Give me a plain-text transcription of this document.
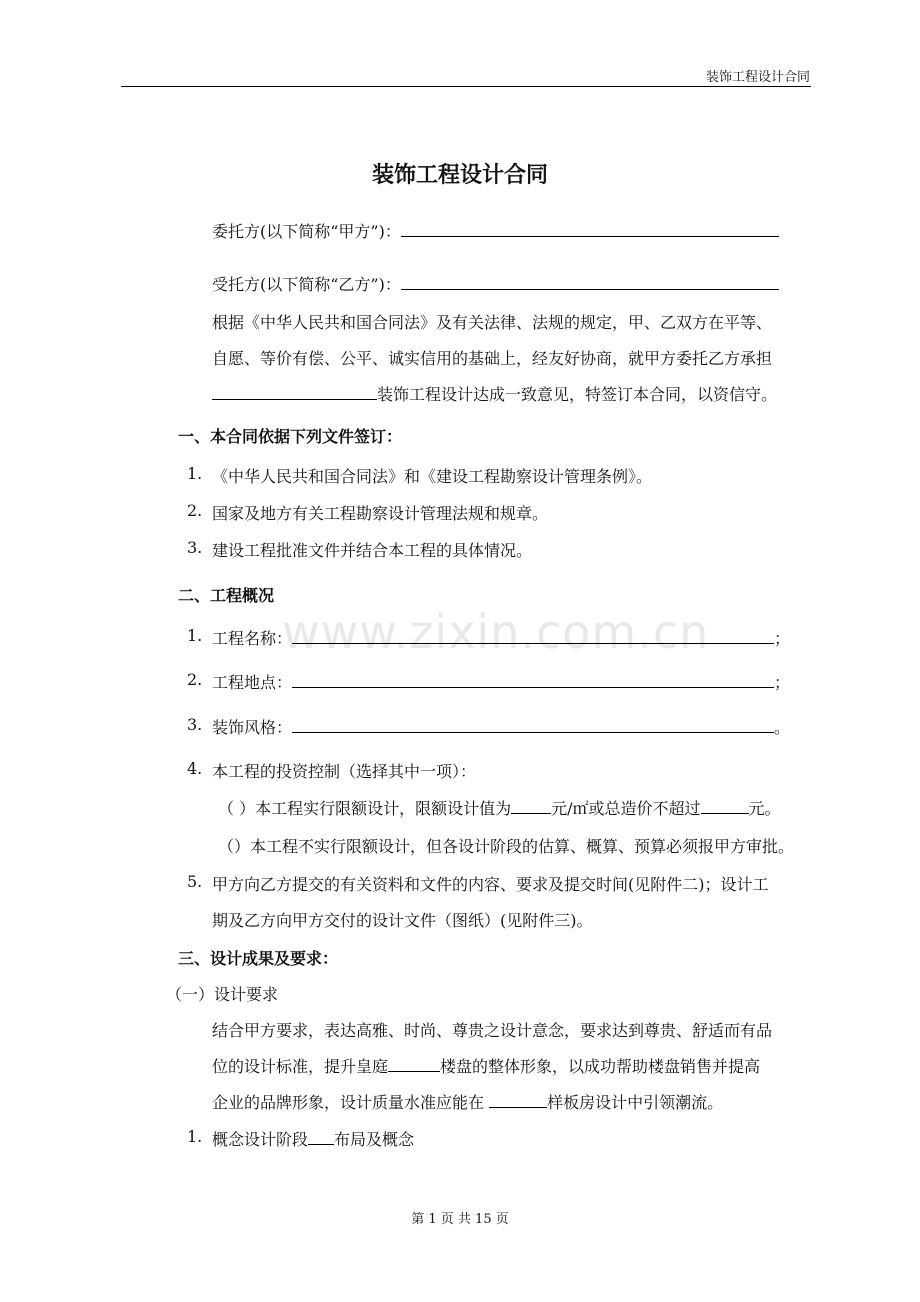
www.zixin.com.cn
装饰工程设计合同
装饰工程设计合同
委托方(以下简称“甲方”)：
受托方(以下简称“乙方”)：
根据《中华人民共和国合同法》及有关法律、法规的规定，甲、乙双方在平等、
自愿、等价有偿、公平、诚实信用的基础上，经友好协商，就甲方委托乙方承担
装饰工程设计达成一致意见，特签订本合同，以资信守。
一、本合同依据下列文件签订：
1. 《中华人民共和国合同法》和《建设工程勘察设计管理条例》。
2. 国家及地方有关工程勘察设计管理法规和规章。
3. 建设工程批准文件并结合本工程的具体情况。
二、工程概况
1. 工程名称：	；
2. 工程地点：	；
3. 装饰风格：	。
4. 本工程的投资控制（选择其中一项）：
（ ）本工程实行限额设计，限额设计值为	元/㎡或总造价不超过	元。
（）本工程不实行限额设计，但各设计阶段的估算、概算、预算必须报甲方审批。
5. 甲方向乙方提交的有关资料和文件的内容、要求及提交时间(见附件二)；设计工
期及乙方向甲方交付的设计文件（图纸）(见附件三)。
三、设计成果及要求：
（一）设计要求
结合甲方要求，表达高雅、时尚、尊贵之设计意念，要求达到尊贵、舒适而有品
位的设计标准，提升皇庭	楼盘的整体形象，以成功帮助楼盘销售并提高
企业的品牌形象，设计质量水准应能在	样板房设计中引领潮流。
1. 概念设计阶段 布局及概念
第 1 页 共 15 页
